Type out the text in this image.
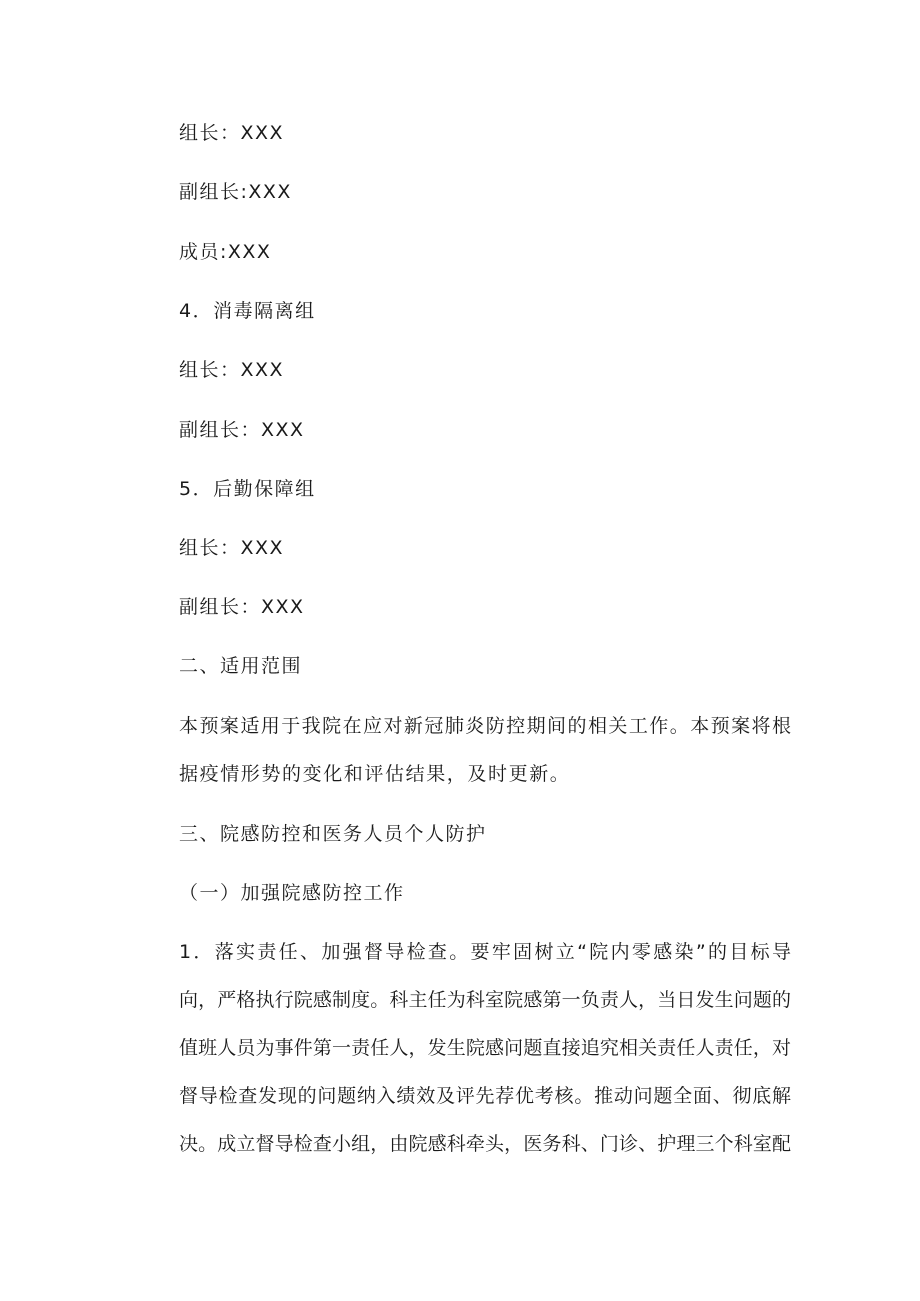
组长：XXX
副组长:XXX
成员:XXX
4．消毒隔离组
组长：XXX
副组长：XXX
5．后勤保障组
组长：XXX
副组长：XXX
二、适用范围
本预案适用于我院在应对新冠肺炎防控期间的相关工作。本预案将根
据疫情形势的变化和评估结果，及时更新。
三、院感防控和医务人员个人防护
（一）加强院感防控工作
1．落实责任、加强督导检查。要牢固树立“院内零感染”的目标导
向，严格执行院感制度。科主任为科室院感第一负责人，当日发生问题的
值班人员为事件第一责任人，发生院感问题直接追究相关责任人责任，对
督导检查发现的问题纳入绩效及评先荐优考核。推动问题全面、彻底解
决。成立督导检查小组，由院感科牵头，医务科、门诊、护理三个科室配
